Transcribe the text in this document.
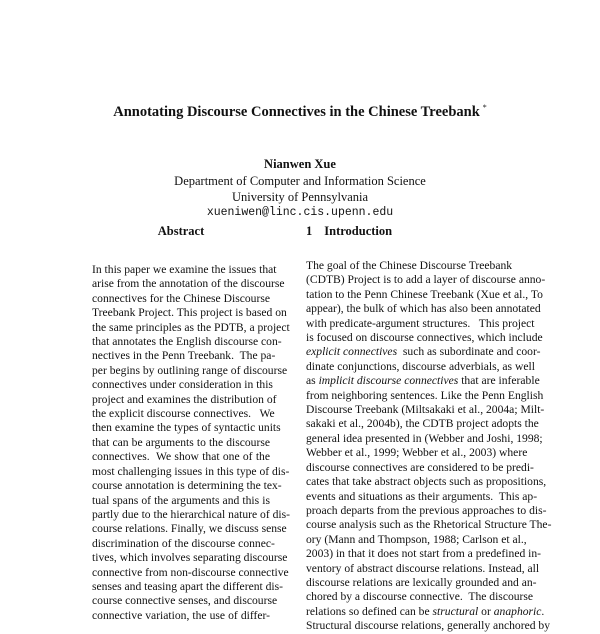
Annotating Discourse Connectives in the Chinese Treebank *
Nianwen Xue
Department of Computer and Information Science
University of Pennsylvania
xueniwen@linc.cis.upenn.edu
Abstract	1 Introduction
In this paper we examine the issues that
arise from the annotation of the discourse
connectives for the Chinese Discourse
Treebank Project. This project is based on
the same principles as the PDTB, a project
that annotates the English discourse con-
nectives in the Penn Treebank.  The pa-
per begins by outlining range of discourse
connectives under consideration in this
project and examines the distribution of
the explicit discourse connectives.   We
then examine the types of syntactic units
that can be arguments to the discourse
connectives.  We show that one of the
most challenging issues in this type of dis-
course annotation is determining the tex-
tual spans of the arguments and this is
partly due to the hierarchical nature of dis-
course relations. Finally, we discuss sense
discrimination of the discourse connec-
tives, which involves separating discourse
connective from non-discourse connective
senses and teasing apart the different dis-
course connective senses, and discourse
connective variation, the use of differ-
The goal of the Chinese Discourse Treebank
(CDTB) Project is to add a layer of discourse anno-
tation to the Penn Chinese Treebank (Xue et al., To
appear), the bulk of which has also been annotated
with predicate-argument structures.   This project
is focused on discourse connectives, which include
explicit connectives  such as subordinate and coor-
dinate conjunctions, discourse adverbials, as well
as implicit discourse connectives that are inferable
from neighboring sentences. Like the Penn English
Discourse Treebank (Miltsakaki et al., 2004a; Milt-
sakaki et al., 2004b), the CDTB project adopts the
general idea presented in (Webber and Joshi, 1998;
Webber et al., 1999; Webber et al., 2003) where
discourse connectives are considered to be predi-
cates that take abstract objects such as propositions,
events and situations as their arguments.  This ap-
proach departs from the previous approaches to dis-
course analysis such as the Rhetorical Structure The-
ory (Mann and Thompson, 1988; Carlson et al.,
2003) in that it does not start from a predefined in-
ventory of abstract discourse relations. Instead, all
discourse relations are lexically grounded and an-
chored by a discourse connective.  The discourse
relations so defined can be structural or anaphoric.
Structural discourse relations, generally anchored by
